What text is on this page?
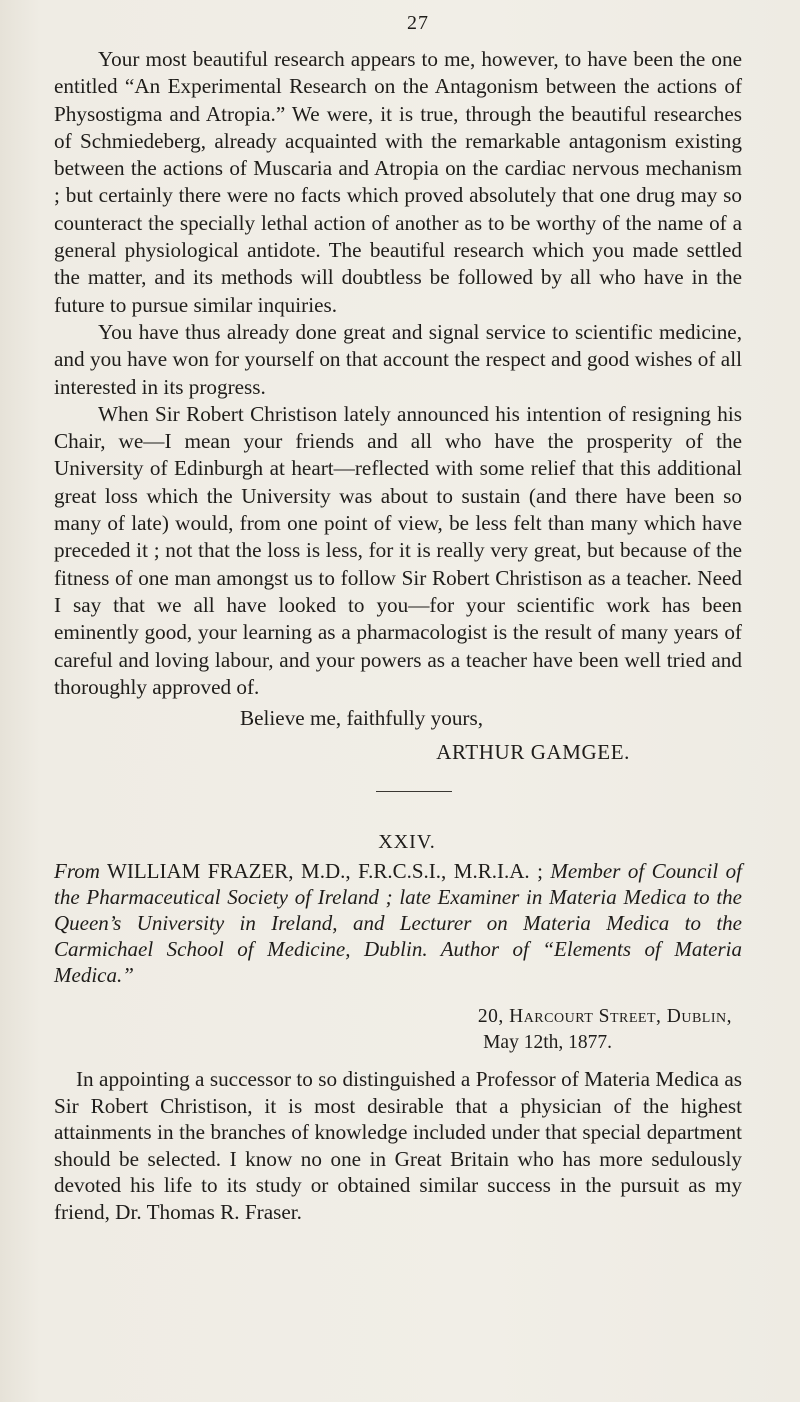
27

Your most beautiful research appears to me, however, to have been the one entitled “An Experimental Research on the Antagonism between the actions of Physostigma and Atropia.” We were, it is true, through the beautiful researches of Schmiedeberg, already acquainted with the remarkable antagonism existing between the actions of Muscaria and Atropia on the cardiac nervous mechanism ; but certainly there were no facts which proved absolutely that one drug may so counteract the specially lethal action of another as to be worthy of the name of a general physiological antidote. The beautiful research which you made settled the matter, and its methods will doubtless be followed by all who have in the future to pursue similar inquiries.

You have thus already done great and signal service to scientific medicine, and you have won for yourself on that account the respect and good wishes of all interested in its progress.

When Sir Robert Christison lately announced his intention of resigning his Chair, we—I mean your friends and all who have the prosperity of the University of Edinburgh at heart—reflected with some relief that this additional great loss which the University was about to sustain (and there have been so many of late) would, from one point of view, be less felt than many which have preceded it ; not that the loss is less, for it is really very great, but because of the fitness of one man amongst us to follow Sir Robert Christison as a teacher. Need I say that we all have looked to you—for your scientific work has been eminently good, your learning as a pharmacologist is the result of many years of careful and loving labour, and your powers as a teacher have been well tried and thoroughly approved of.

Believe me, faithfully yours,

ARTHUR GAMGEE.
XXIV.
From WILLIAM FRAZER, M.D., F.R.C.S.I., M.R.I.A. ; Member of Council of the Pharmaceutical Society of Ireland ; late Examiner in Materia Medica to the Queen’s University in Ireland, and Lecturer on Materia Medica to the Carmichael School of Medicine, Dublin. Author of “Elements of Materia Medica.”
20, Harcourt Street, Dublin,
May 12th, 1877.

In appointing a successor to so distinguished a Professor of Materia Medica as Sir Robert Christison, it is most desirable that a physician of the highest attainments in the branches of knowledge included under that special department should be selected. I know no one in Great Britain who has more sedulously devoted his life to its study or obtained similar success in the pursuit as my friend, Dr. Thomas R. Fraser.
